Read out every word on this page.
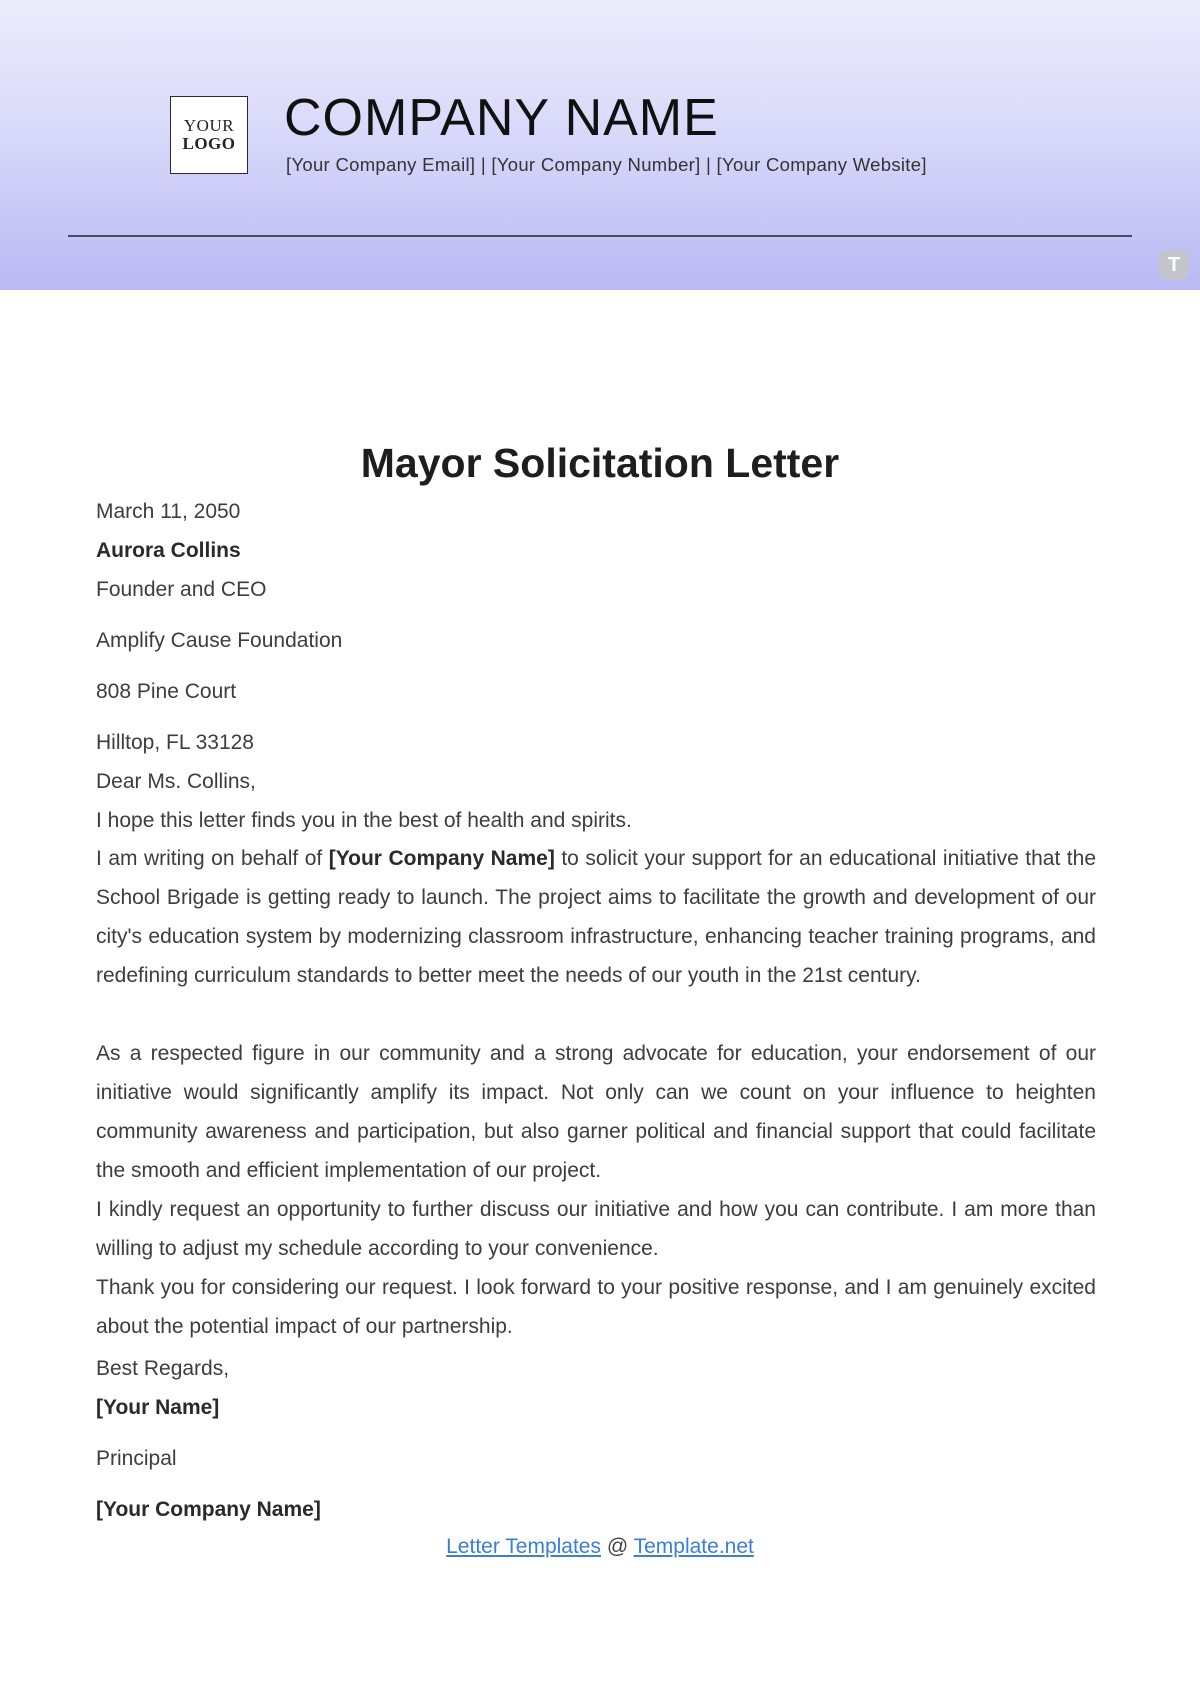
YOUR
LOGO COMPANY NAME
[Your Company Email] | [Your Company Number] | [Your Company Website]
T
Mayor Solicitation Letter

March 11, 2050

Aurora Collins

Founder and CEO

Amplify Cause Foundation

808 Pine Court

Hilltop, FL 33128

Dear Ms. Collins,

I hope this letter finds you in the best of health and spirits.

I am writing on behalf of [Your Company Name] to solicit your support for an educational initiative that the School Brigade is getting ready to launch. The project aims to facilitate the growth and development of our city's education system by modernizing classroom infrastructure, enhancing teacher training programs, and redefining curriculum standards to better meet the needs of our youth in the 21st century.

As a respected figure in our community and a strong advocate for education, your endorsement of our initiative would significantly amplify its impact. Not only can we count on your influence to heighten community awareness and participation, but also garner political and financial support that could facilitate the smooth and efficient implementation of our project.

I kindly request an opportunity to further discuss our initiative and how you can contribute. I am more than willing to adjust my schedule according to your convenience.

Thank you for considering our request. I look forward to your positive response, and I am genuinely excited about the potential impact of our partnership.

Best Regards,

[Your Name]

Principal

[Your Company Name]

Letter Templates @ Template.net
